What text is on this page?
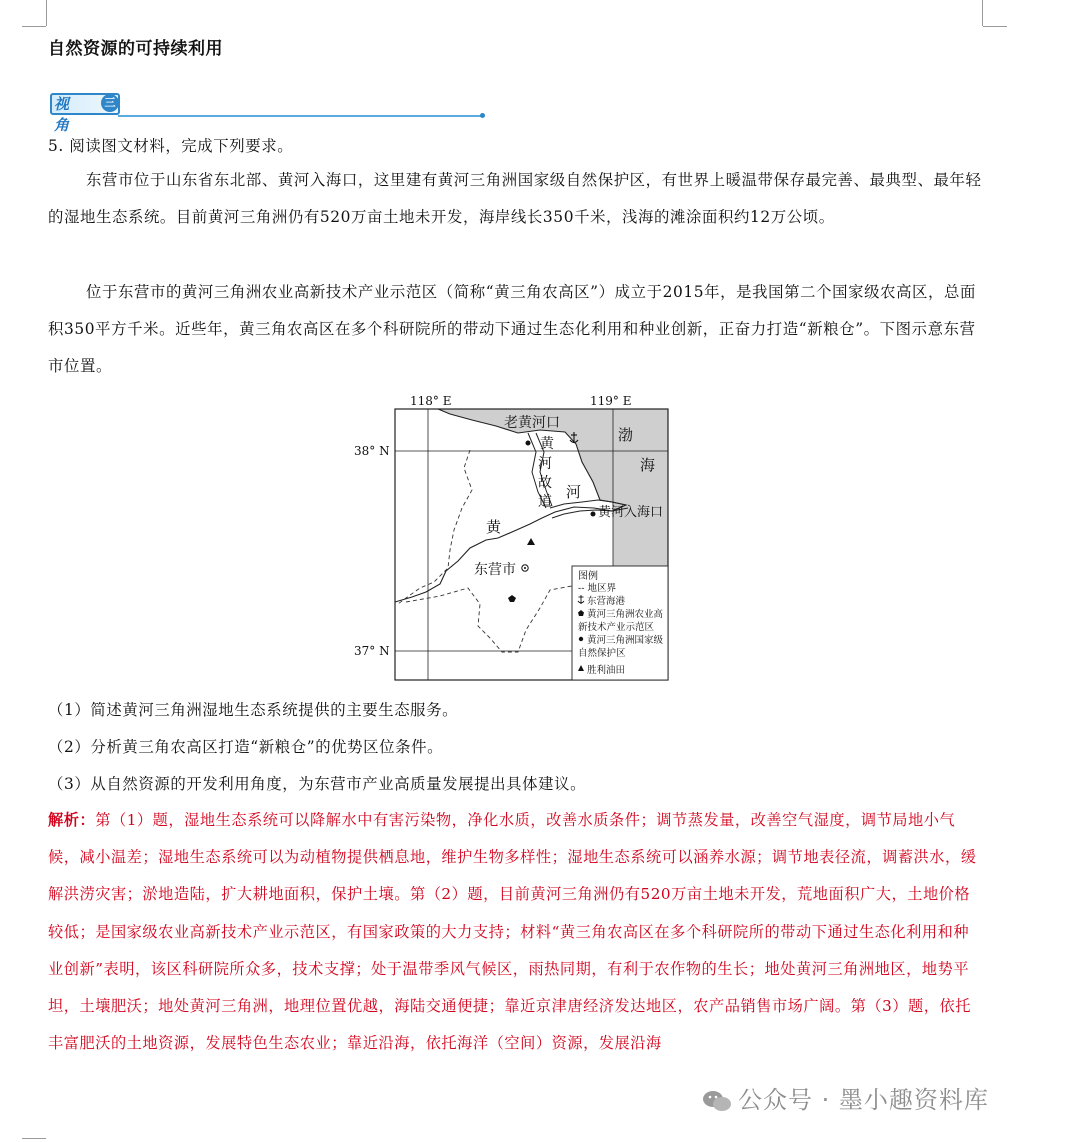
自然资源的可持续利用
视角
三
5. 阅读图文材料，完成下列要求。
东营市位于山东省东北部、黄河入海口，这里建有黄河三角洲国家级自然保护区，有世界上暖温带保存最完善、最典型、最年轻的湿地生态系统。目前黄河三角洲仍有520万亩土地未开发，海岸线长350千米，浅海的滩涂面积约12万公顷。
位于东营市的黄河三角洲农业高新技术产业示范区（简称“黄三角农高区”）成立于2015年，是我国第二个国家级农高区，总面积350平方千米。近些年，黄三角农高区在多个科研院所的带动下通过生态化利用和种业创新，正奋力打造“新粮仓”。下图示意东营市位置。
118° E	119° E
38° N
37° N
老黄河口
黄
河
故
道
河
黄
渤
海
黄河入海口
东营市	图例
-- 地区界
东营海港
黄河三角洲农业高
新技术产业示范区
黄河三角洲国家级
自然保护区
胜利油田
（1）简述黄河三角洲湿地生态系统提供的主要生态服务。
（2）分析黄三角农高区打造“新粮仓”的优势区位条件。
（3）从自然资源的开发利用角度，为东营市产业高质量发展提出具体建议。
解析：第（1）题，湿地生态系统可以降解水中有害污染物，净化水质，改善水质条件；调节蒸发量，改善空气湿度，调节局地小气候，减小温差；湿地生态系统可以为动植物提供栖息地，维护生物多样性；湿地生态系统可以涵养水源；调节地表径流，调蓄洪水，缓解洪涝灾害；淤地造陆，扩大耕地面积，保护土壤。第（2）题，目前黄河三角洲仍有520万亩土地未开发，荒地面积广大，土地价格较低；是国家级农业高新技术产业示范区，有国家政策的大力支持；材料“黄三角农高区在多个科研院所的带动下通过生态化利用和种业创新”表明，该区科研院所众多，技术支撑；处于温带季风气候区，雨热同期，有利于农作物的生长；地处黄河三角洲地区，地势平坦，土壤肥沃；地处黄河三角洲，地理位置优越，海陆交通便捷；靠近京津唐经济发达地区，农产品销售市场广阔。第（3）题，依托丰富肥沃的土地资源，发展特色生态农业；靠近沿海，依托海洋（空间）资源，发展沿海
公众号 · 墨小趣资料库
